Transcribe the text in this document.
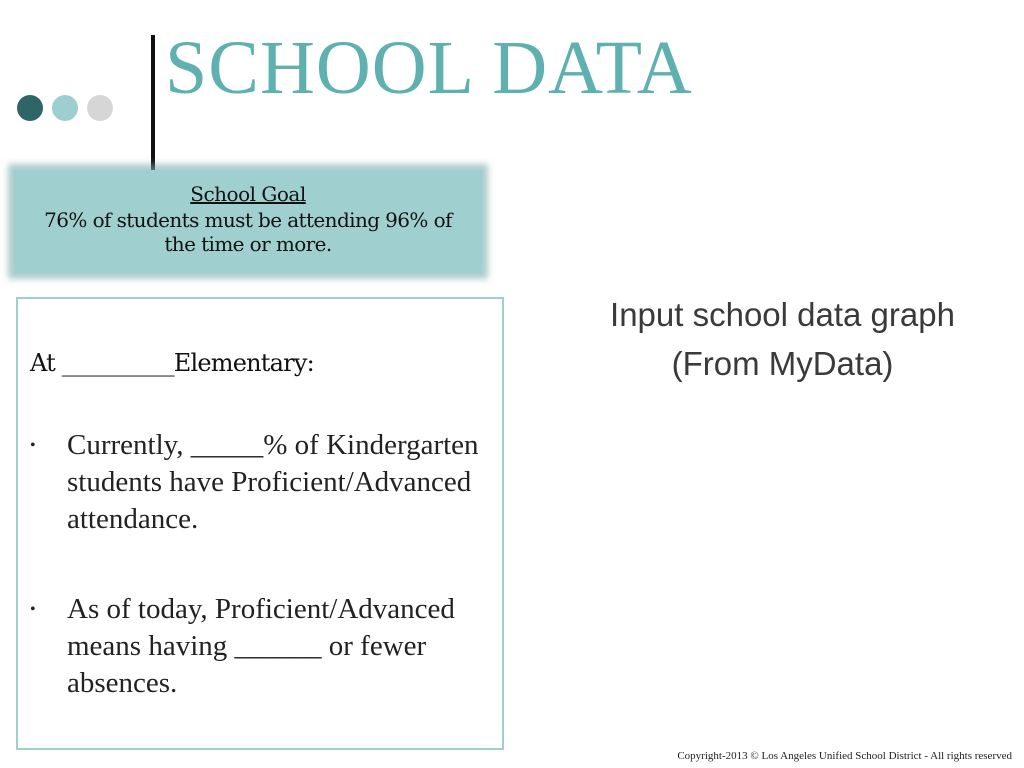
SCHOOL DATA
School Goal
76% of students must be attending 96% of the time or more.
At __________Elementary:
• Currently, _____% of Kindergarten students have Proficient/Advanced attendance.
• As of today, Proficient/Advanced means having ______ or fewer absences.
Input school data graph
(From MyData)
Copyright-2013 © Los Angeles Unified School District - All rights reserved
